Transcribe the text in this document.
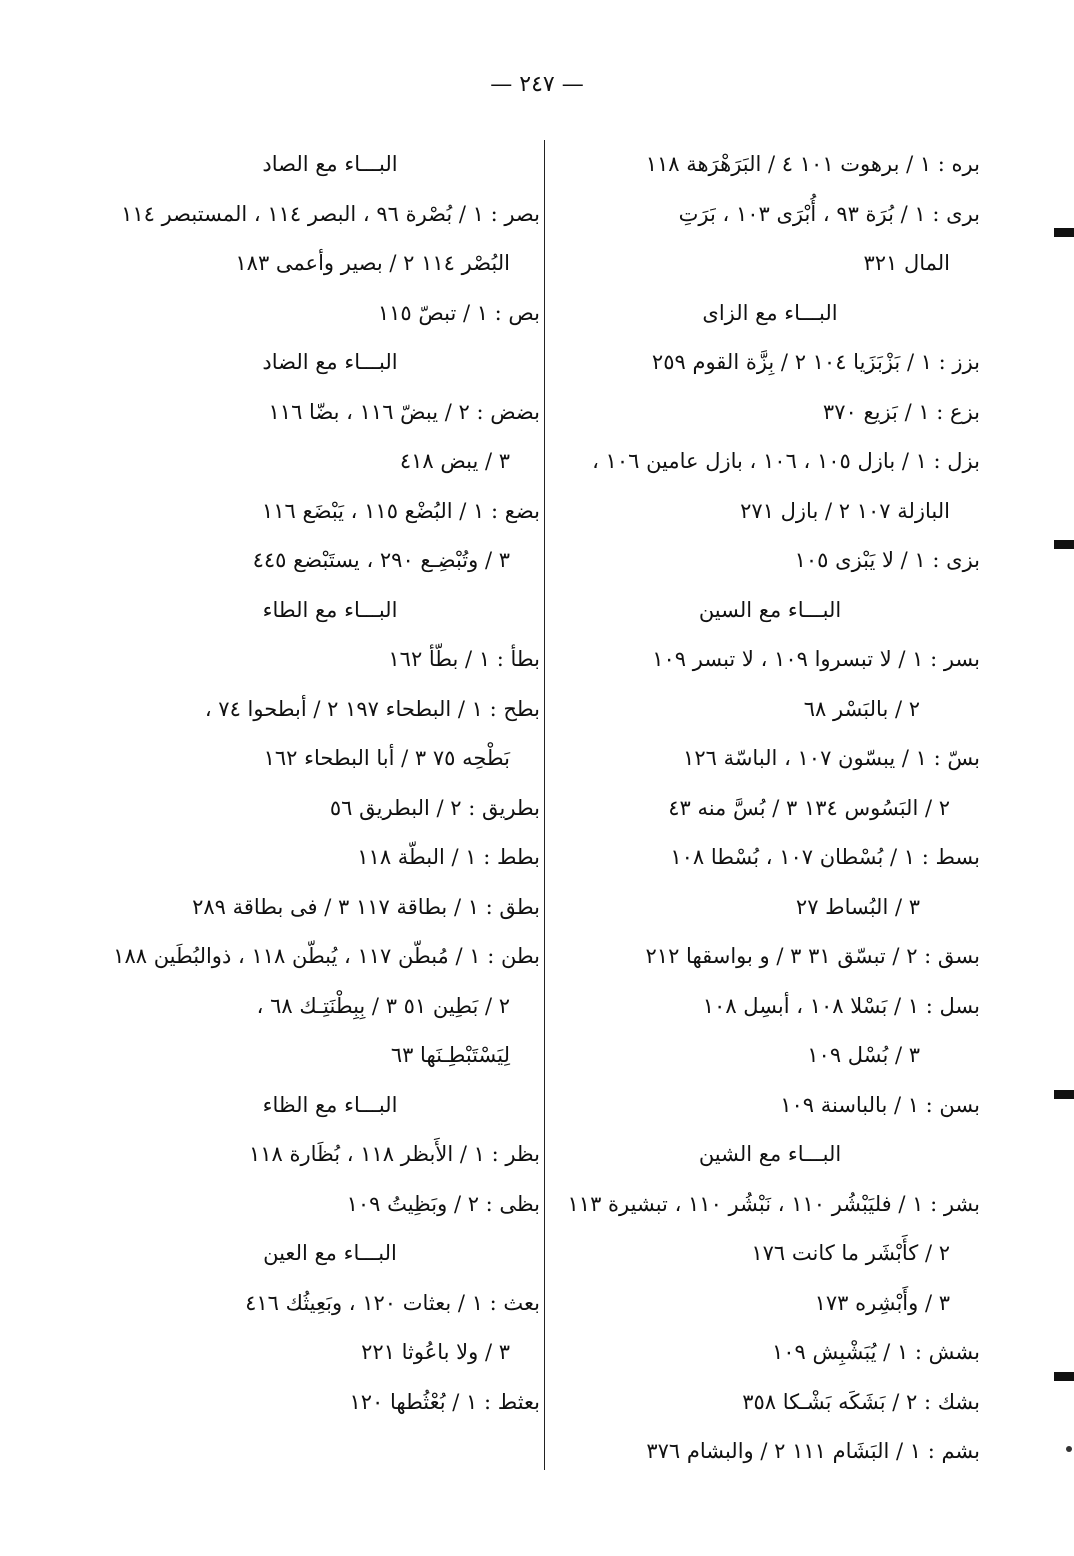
— ٢٤٧ —
بره : ١ / برهوت ١٠١ ٤ / البَرَهْرَهة ١١٨
برى : ١ / بُرَة ٩٣ ، أُبْرَى ١٠٣ ، بَرَتِ
المال ٣٢١
البـــاء مع الزاى
بزز : ١ / بَزْبَزَيا ١٠٤ ٢ / بِزَّة القوم ٢٥٩
بزع : ١ / بَزيع ٣٧٠
بزل : ١ / بازل ١٠٥ ، ١٠٦ ، بازل عامين ١٠٦ ،
البازلة ١٠٧ ٢ / بازل ٢٧١
بزى : ١ / لا يَبْزى ١٠٥
البـــاء مع السين
بسر : ١ / لا تبسروا ١٠٩ ، لا تبسر ١٠٩
٢ / بالبَسْر ٦٨
بسّ : ١ / يبسّون ١٠٧ ، الباسّة ١٢٦
٢ / البَسُوس ١٣٤ ٣ / بُسَّ منه ٤٣
بسط : ١ / بُسْطان ١٠٧ ، بُسْطا ١٠٨
٣ / البُساط ٢٧
بسق : ٢ / تبسّق ٣١ ٣ / و بواسقها ٢١٢
بسل : ١ / بَسْلا ١٠٨ ، أبسِل ١٠٨
٣ / بُسْل ١٠٩
بسن : ١ / بالباسنة ١٠٩
البـــاء مع الشين
بشر : ١ / فليَبْشُر ١١٠ ، نَبْشُر ١١٠ ، تبشيرة ١١٣
٢ / كأَبْشَر ما كانت ١٧٦
٣ / وأَبْشِره ١٧٣
بشش : ١ / يُبَشْبِش ١٠٩
بشك : ٢ / بَشَكَه بَشْـكا ٣٥٨
بشم : ١ / البَشَام ١١١ ٢ / والبشام ٣٧٦
البـــاء مع الصاد
بصر : ١ / بُصْرة ٩٦ ، البصر ١١٤ ، المستبصر ١١٤
البُصْر ١١٤ ٢ / بصير وأعمى ١٨٣
بص : ١ / تبصّ ١١٥
البـــاء مع الضاد
بضض : ٢ / يبضّ ١١٦ ، بضّا ١١٦
٣ / يبض ٤١٨
بضع : ١ / البُضْع ١١٥ ، يَبْضَع ١١٦
٣ / وتُبْضِـع ٢٩٠ ، يستَبْضع ٤٤٥
البـــاء مع الطاء
بطأ : ١ / بطّأ ١٦٢
بطح : ١ / البطحاء ١٩٧ ٢ / أبطحوا ٧٤ ،
بَطْحِه ٧٥ ٣ / أبا البطحاء ١٦٢
بطريق : ٢ / البطريق ٥٦
بطط : ١ / البطّة ١١٨
بطق : ١ / بطاقة ١١٧ ٣ / فى بطاقة ٢٨٩
بطن : ١ / مُبطّن ١١٧ ، يُبطّن ١١٨ ، ذوالبُطَين ١٨٨
٢ / بَطِين ٥١ ٣ / بِبِطْنَتِـك ٦٨ ،
لِيَسْتَبْطِـنَها ٦٣
البـــاء مع الظاء
بظر : ١ / الأَبظر ١١٨ ، بُظَارة ١١٨
بظى : ٢ / وبَظِيتُ ١٠٩
البـــاء مع العين
بعث : ١ / بعثات ١٢٠ ، وبَعِيثُك ٤١٦
٣ / ولا باعُوثا ٢٢١
بعثط : ١ / بُعْثُطها ١٢٠
